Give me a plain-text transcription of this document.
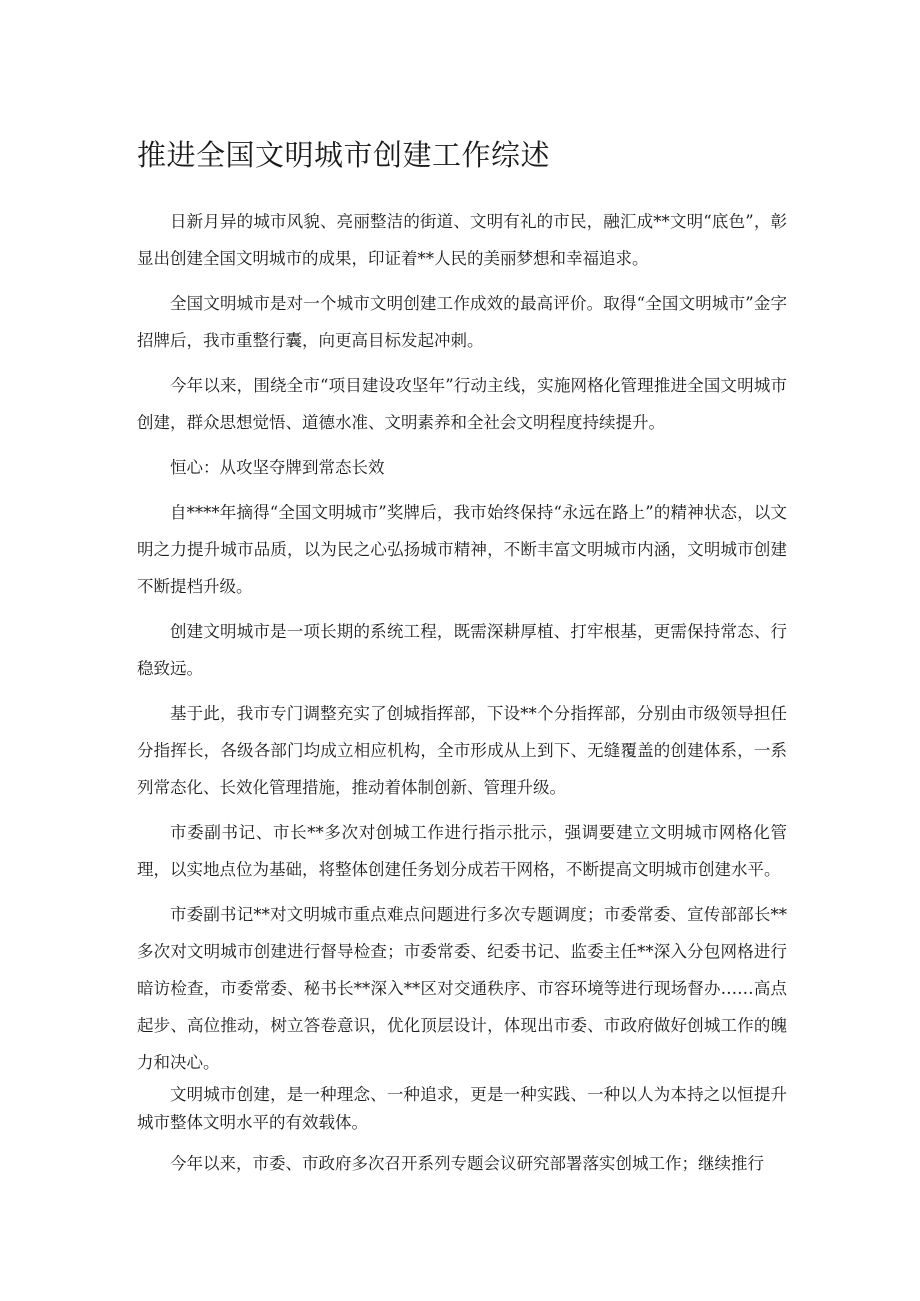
推进全国文明城市创建工作综述

日新月异的城市风貌、亮丽整洁的街道、文明有礼的市民，融汇成**文明“底色”，彰显出创建全国文明城市的成果，印证着**人民的美丽梦想和幸福追求。

全国文明城市是对一个城市文明创建工作成效的最高评价。取得“全国文明城市”金字招牌后，我市重整行囊，向更高目标发起冲刺。

今年以来，围绕全市“项目建设攻坚年”行动主线，实施网格化管理推进全国文明城市创建，群众思想觉悟、道德水准、文明素养和全社会文明程度持续提升。

恒心：从攻坚夺牌到常态长效

自****年摘得“全国文明城市”奖牌后，我市始终保持“永远在路上”的精神状态，以文明之力提升城市品质，以为民之心弘扬城市精神，不断丰富文明城市内涵，文明城市创建不断提档升级。

创建文明城市是一项长期的系统工程，既需深耕厚植、打牢根基，更需保持常态、行稳致远。

基于此，我市专门调整充实了创城指挥部，下设**个分指挥部，分别由市级领导担任分指挥长，各级各部门均成立相应机构，全市形成从上到下、无缝覆盖的创建体系，一系列常态化、长效化管理措施，推动着体制创新、管理升级。

市委副书记、市长**多次对创城工作进行指示批示，强调要建立文明城市网格化管理，以实地点位为基础，将整体创建任务划分成若干网格，不断提高文明城市创建水平。

市委副书记**对文明城市重点难点问题进行多次专题调度；市委常委、宣传部部长**多次对文明城市创建进行督导检查；市委常委、纪委书记、监委主任**深入分包网格进行暗访检查，市委常委、秘书长**深入**区对交通秩序、市容环境等进行现场督办……高点起步、高位推动，树立答卷意识，优化顶层设计，体现出市委、市政府做好创城工作的魄力和决心。

文明城市创建，是一种理念、一种追求，更是一种实践、一种以人为本持之以恒提升城市整体文明水平的有效载体。

今年以来，市委、市政府多次召开系列专题会议研究部署落实创城工作；继续推行
